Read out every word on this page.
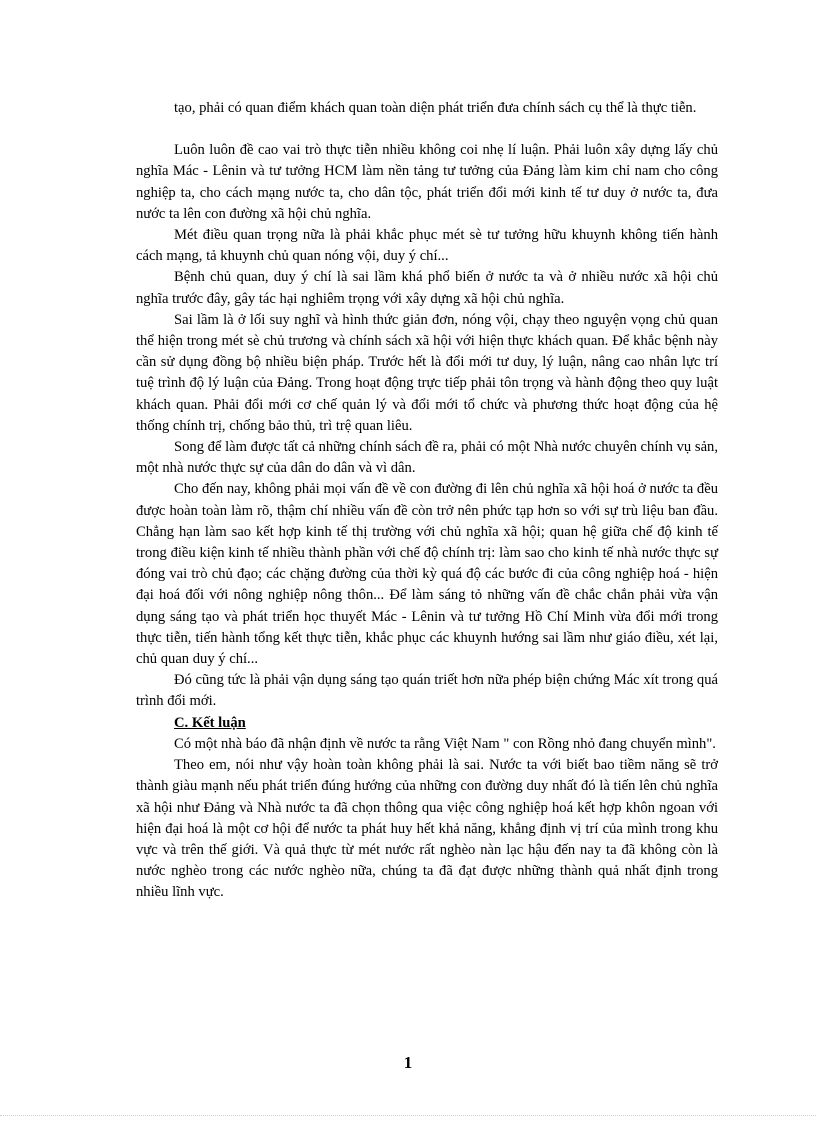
tạo, phải có quan điểm khách quan toàn diện phát triển đưa chính sách cụ thể là thực tiễn.

Luôn luôn đề cao vai trò thực tiễn nhiều không coi nhẹ lí luận. Phải luôn xây dựng lấy chủ nghĩa Mác - Lênin và tư tưởng HCM làm nền tảng tư tưởng của Đảng làm kim chỉ nam cho công nghiệp ta, cho cách mạng nước ta, cho dân tộc, phát triển đổi mới kinh tế tư duy ở nước ta, đưa nước ta lên con đường xã hội chủ nghĩa.

Mét điều quan trọng nữa là phải khắc phục mét sè tư tưởng hữu khuynh không tiến hành cách mạng, tả khuynh chủ quan nóng vội, duy ý chí...

Bệnh chủ quan, duy ý chí là sai lầm khá phổ biến ở nước ta và ở nhiều nước xã hội chủ nghĩa trước đây, gây tác hại nghiêm trọng với xây dựng xã hội chủ nghĩa.

Sai lầm là ở lối suy nghĩ và hình thức giản đơn, nóng vội, chạy theo nguyện vọng chủ quan thể hiện trong mét sè chủ trương và chính sách xã hội với hiện thực khách quan. Để khắc bệnh này cần sử dụng đồng bộ nhiều biện pháp. Trước hết là đổi mới tư duy, lý luận, nâng cao nhân lực trí tuệ trình độ lý luận của Đảng. Trong hoạt động trực tiếp phải tôn trọng và hành động theo quy luật khách quan. Phải đổi mới cơ chế quản lý và đổi mới tổ chức và phương thức hoạt động của hệ thống chính trị, chống bảo thủ, trì trệ quan liêu.

Song để làm được tất cả những chính sách đề ra, phải có một Nhà nước chuyên chính vụ sản, một nhà nước thực sự của dân do dân và vì dân.

Cho đến nay, không phải mọi vấn đề về con đường đi lên chủ nghĩa xã hội hoá ở nước ta đều được hoàn toàn làm rõ, thậm chí nhiều vấn đề còn trở nên phức tạp hơn so với sự trù liệu ban đầu. Chẳng hạn làm sao kết hợp kinh tế thị trường với chủ nghĩa xã hội; quan hệ giữa chế độ kinh tế trong điều kiện kinh tế nhiều thành phần với chế độ chính trị: làm sao cho kinh tế nhà nước thực sự đóng vai trò chủ đạo; các chặng đường của thời kỳ quá độ các bước đi của công nghiệp hoá - hiện đại hoá đối với nông nghiệp nông thôn... Để làm sáng tỏ những vấn đề chắc chắn phải vừa vận dụng sáng tạo và phát triển học thuyết Mác - Lênin và tư tưởng Hồ Chí Minh vừa đổi mới trong thực tiễn, tiến hành tổng kết thực tiễn, khắc phục các khuynh hướng sai lầm như giáo điều, xét lại, chủ quan duy ý chí...

Đó cũng tức là phải vận dụng sáng tạo quán triết hơn nữa phép biện chứng Mác xít trong quá trình đổi mới.

C. Kết luận

Có một nhà báo đã nhận định về nước ta rằng Việt Nam " con Rồng nhỏ đang chuyển mình".

Theo em, nói như vậy hoàn toàn không phải là sai. Nước ta với biết bao tiềm năng sẽ trở thành giàu mạnh nếu phát triển đúng hướng của những con đường duy nhất đó là tiến lên chủ nghĩa xã hội như Đảng và Nhà nước ta đã chọn thông qua việc công nghiệp hoá kết hợp khôn ngoan với hiện đại hoá là một cơ hội để nước ta phát huy hết khả năng, khẳng định vị trí của mình trong khu vực và trên thế giới. Và quả thực từ mét nước rất nghèo nàn lạc hậu đến nay ta đã không còn là nước nghèo trong các nước nghèo nữa, chúng ta đã đạt được những thành quả nhất định trong nhiều lĩnh vực.

1
